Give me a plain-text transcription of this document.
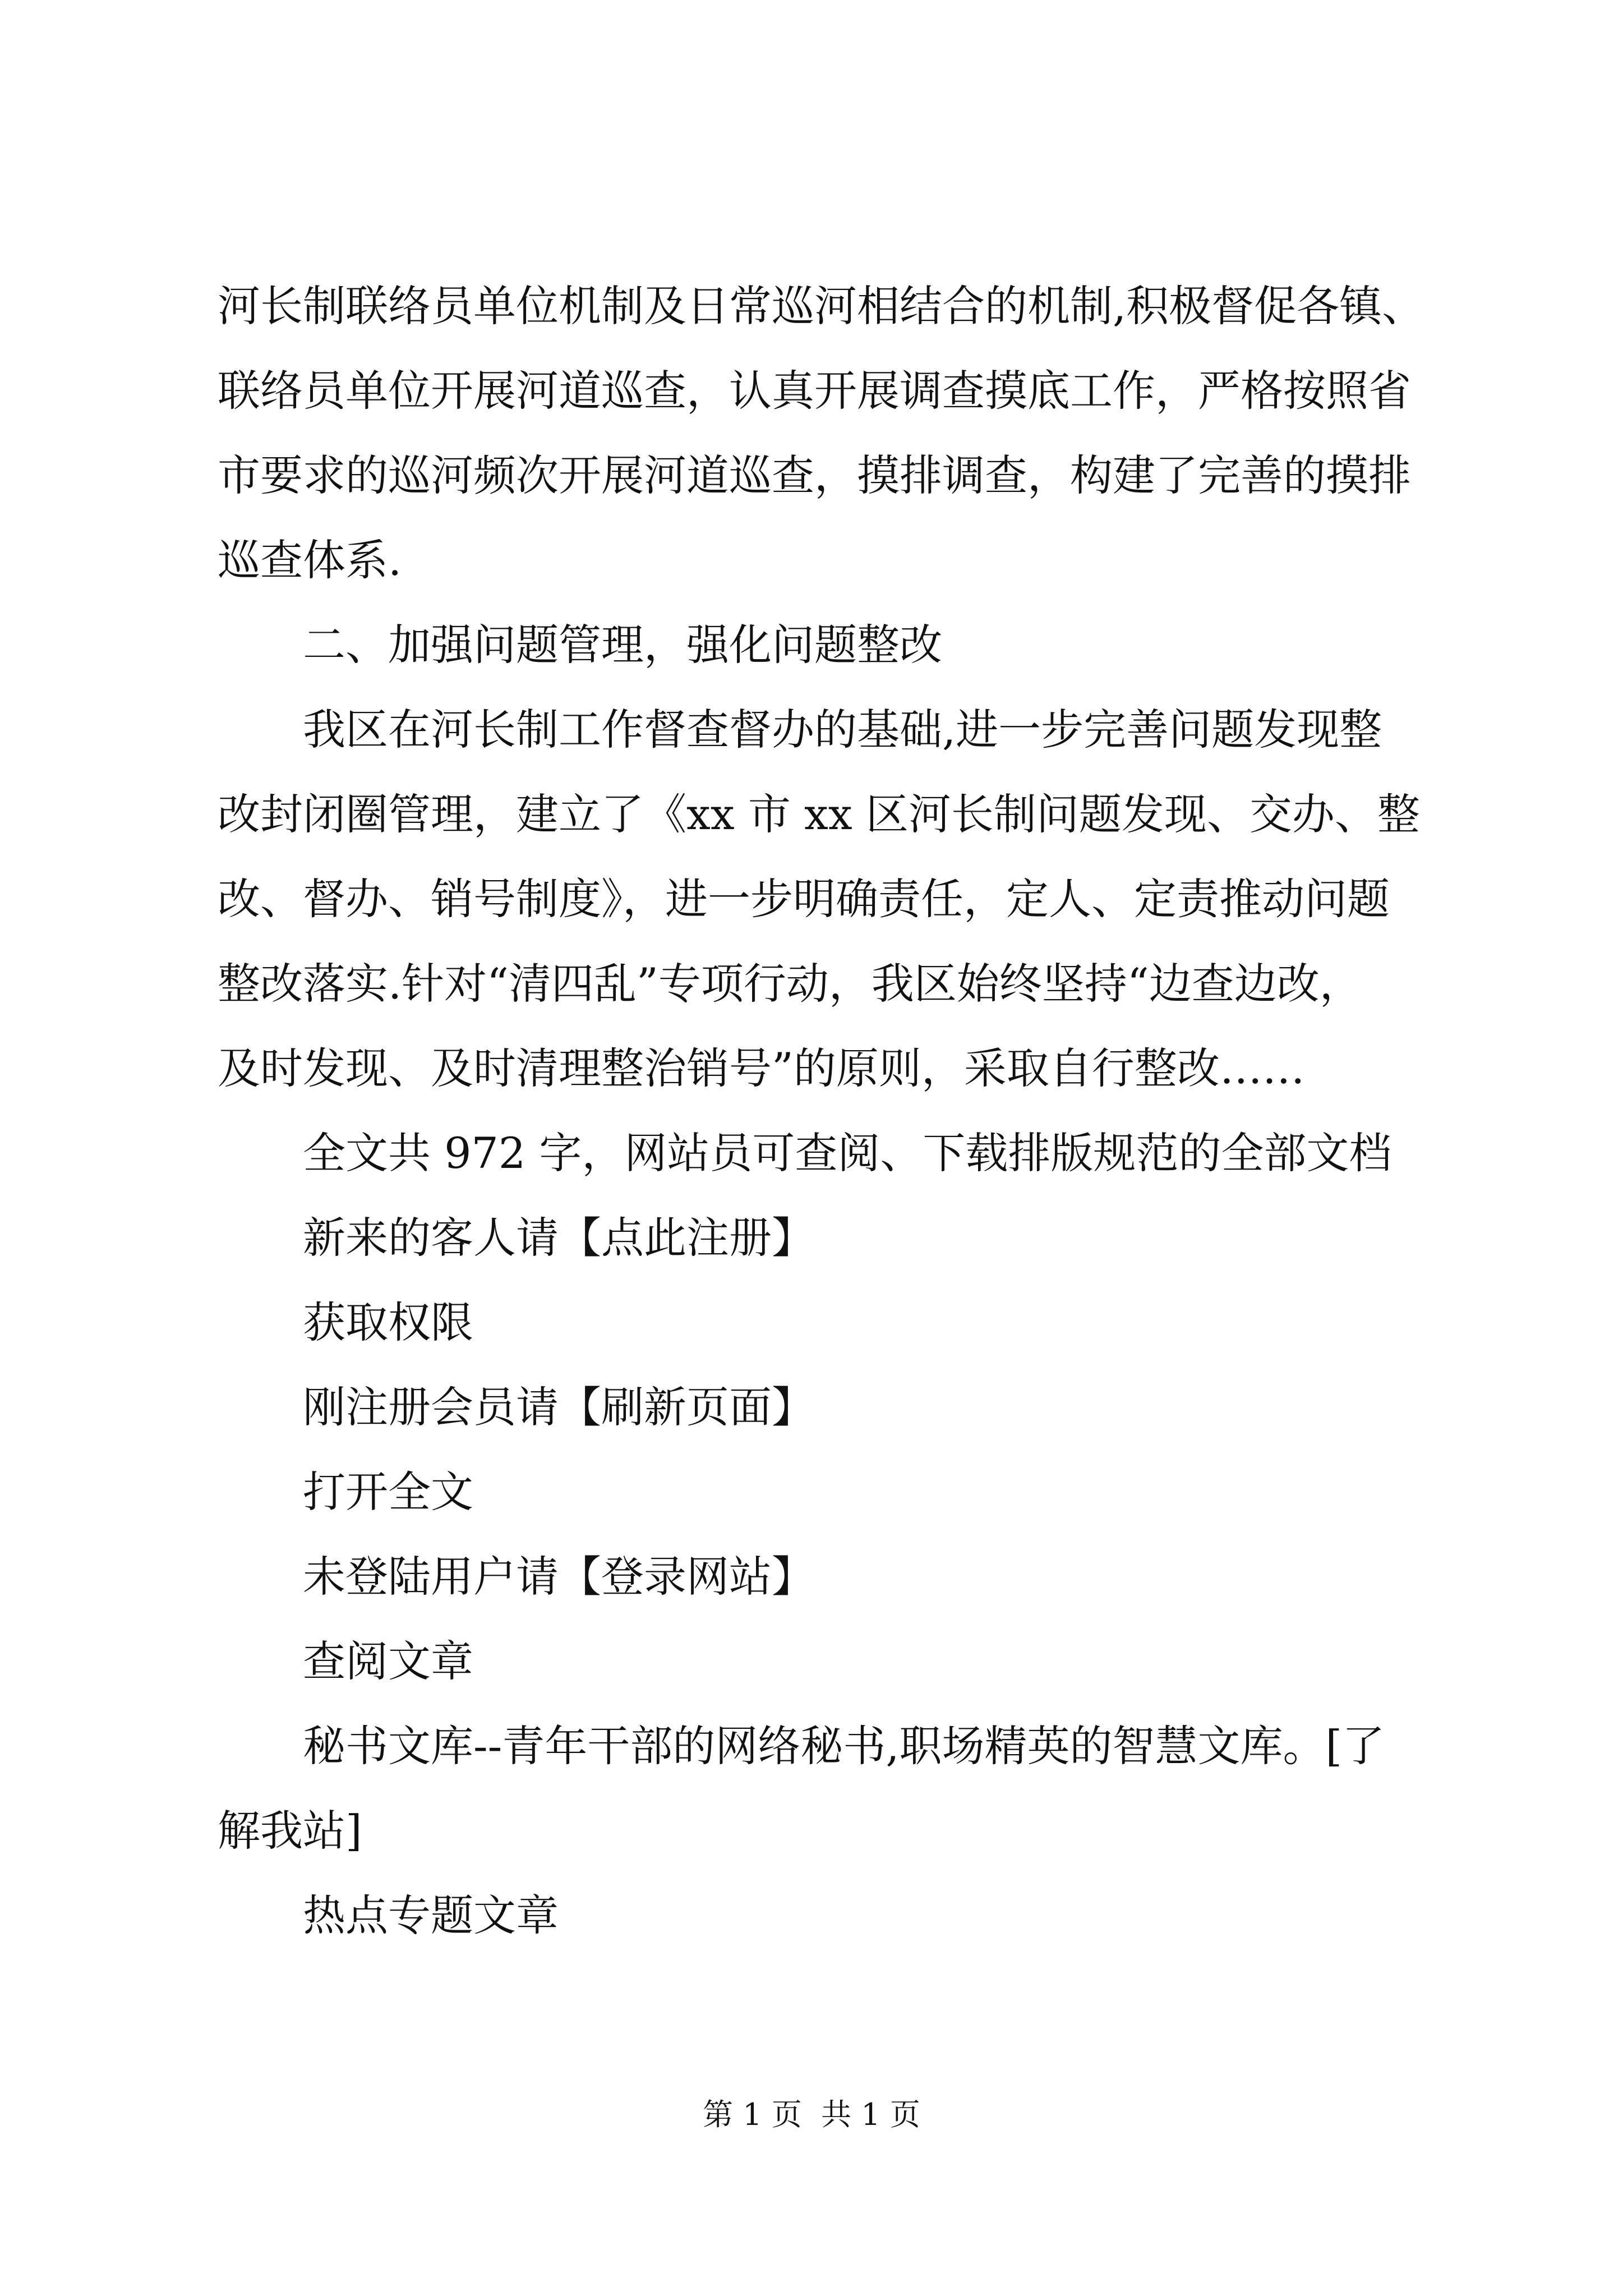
河长制联络员单位机制及日常巡河相结合的机制,积极督促各镇、
联络员单位开展河道巡查，认真开展调查摸底工作，严格按照省
市要求的巡河频次开展河道巡查，摸排调查，构建了完善的摸排
巡查体系.
二、加强问题管理，强化问题整改
我区在河长制工作督查督办的基础,进一步完善问题发现整
改封闭圈管理，建立了《xx 市 xx 区河长制问题发现、交办、整
改、督办、销号制度》，进一步明确责任，定人、定责推动问题
整改落实.针对“清四乱”专项行动，我区始终坚持“边查边改，
及时发现、及时清理整治销号”的原则，采取自行整改……
全文共 972 字，网站员可查阅、下载排版规范的全部文档
新来的客人请【点此注册】
获取权限
刚注册会员请【刷新页面】
打开全文
未登陆用户请【登录网站】
查阅文章
秘书文库--青年干部的网络秘书,职场精英的智慧文库。[了
解我站]
热点专题文章
第 1 页  共 1 页
